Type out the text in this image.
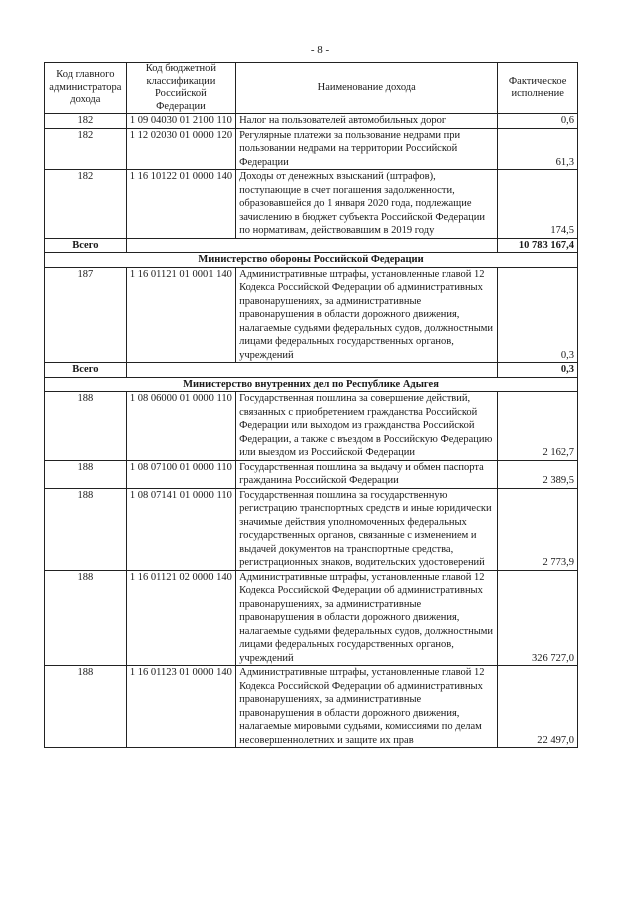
- 8 -
Код главного администратора дохода	Код бюджетной классификации Российской Федерации	Наименование дохода	Фактическое исполнение
182	1 09 04030 01 2100 110	Налог на пользователей автомобильных дорог	0,6
182	1 12 02030 01 0000 120	Регулярные платежи за пользование недрами при пользовании недрами на территории Российской Федерации	61,3
182	1 16 10122 01 0000 140	Доходы от денежных взысканий (штрафов), поступающие в счет погашения задолженности, образовавшейся до 1 января 2020 года, подлежащие зачислению в бюджет субъекта Российской Федерации по нормативам, действовавшим в 2019 году	174,5
Всего			10 783 167,4
Министерство обороны Российской Федерации			
187	1 16 01121 01 0001 140	Административные штрафы, установленные главой 12 Кодекса Российской Федерации об административных правонарушениях, за административные правонарушения в области дорожного движения, налагаемые судьями федеральных судов, должностными лицами федеральных государственных органов, учреждений	0,3
Всего			0,3
Министерство внутренних дел по Республике Адыгея			
188	1 08 06000 01 0000 110	Государственная пошлина за совершение действий, связанных с приобретением гражданства Российской Федерации или выходом из гражданства Российской Федерации, а также с въездом в Российскую Федерацию или выездом из Российской Федерации	2 162,7
188	1 08 07100 01 0000 110	Государственная пошлина за выдачу и обмен паспорта гражданина Российской Федерации	2 389,5
188	1 08 07141 01 0000 110	Государственная пошлина за государственную регистрацию транспортных средств и иные юридически значимые действия уполномоченных федеральных государственных органов, связанные с изменением и выдачей документов на транспортные средства, регистрационных знаков, водительских удостоверений	2 773,9
188	1 16 01121 02 0000 140	Административные штрафы, установленные главой 12 Кодекса Российской Федерации об административных правонарушениях, за административные правонарушения в области дорожного движения, налагаемые судьями федеральных судов, должностными лицами федеральных государственных органов, учреждений	326 727,0
188	1 16 01123 01 0000 140	Административные штрафы, установленные главой 12 Кодекса Российской Федерации об административных правонарушениях, за административные правонарушения в области дорожного движения, налагаемые мировыми судьями, комиссиями по делам несовершеннолетних и защите их прав	22 497,0
